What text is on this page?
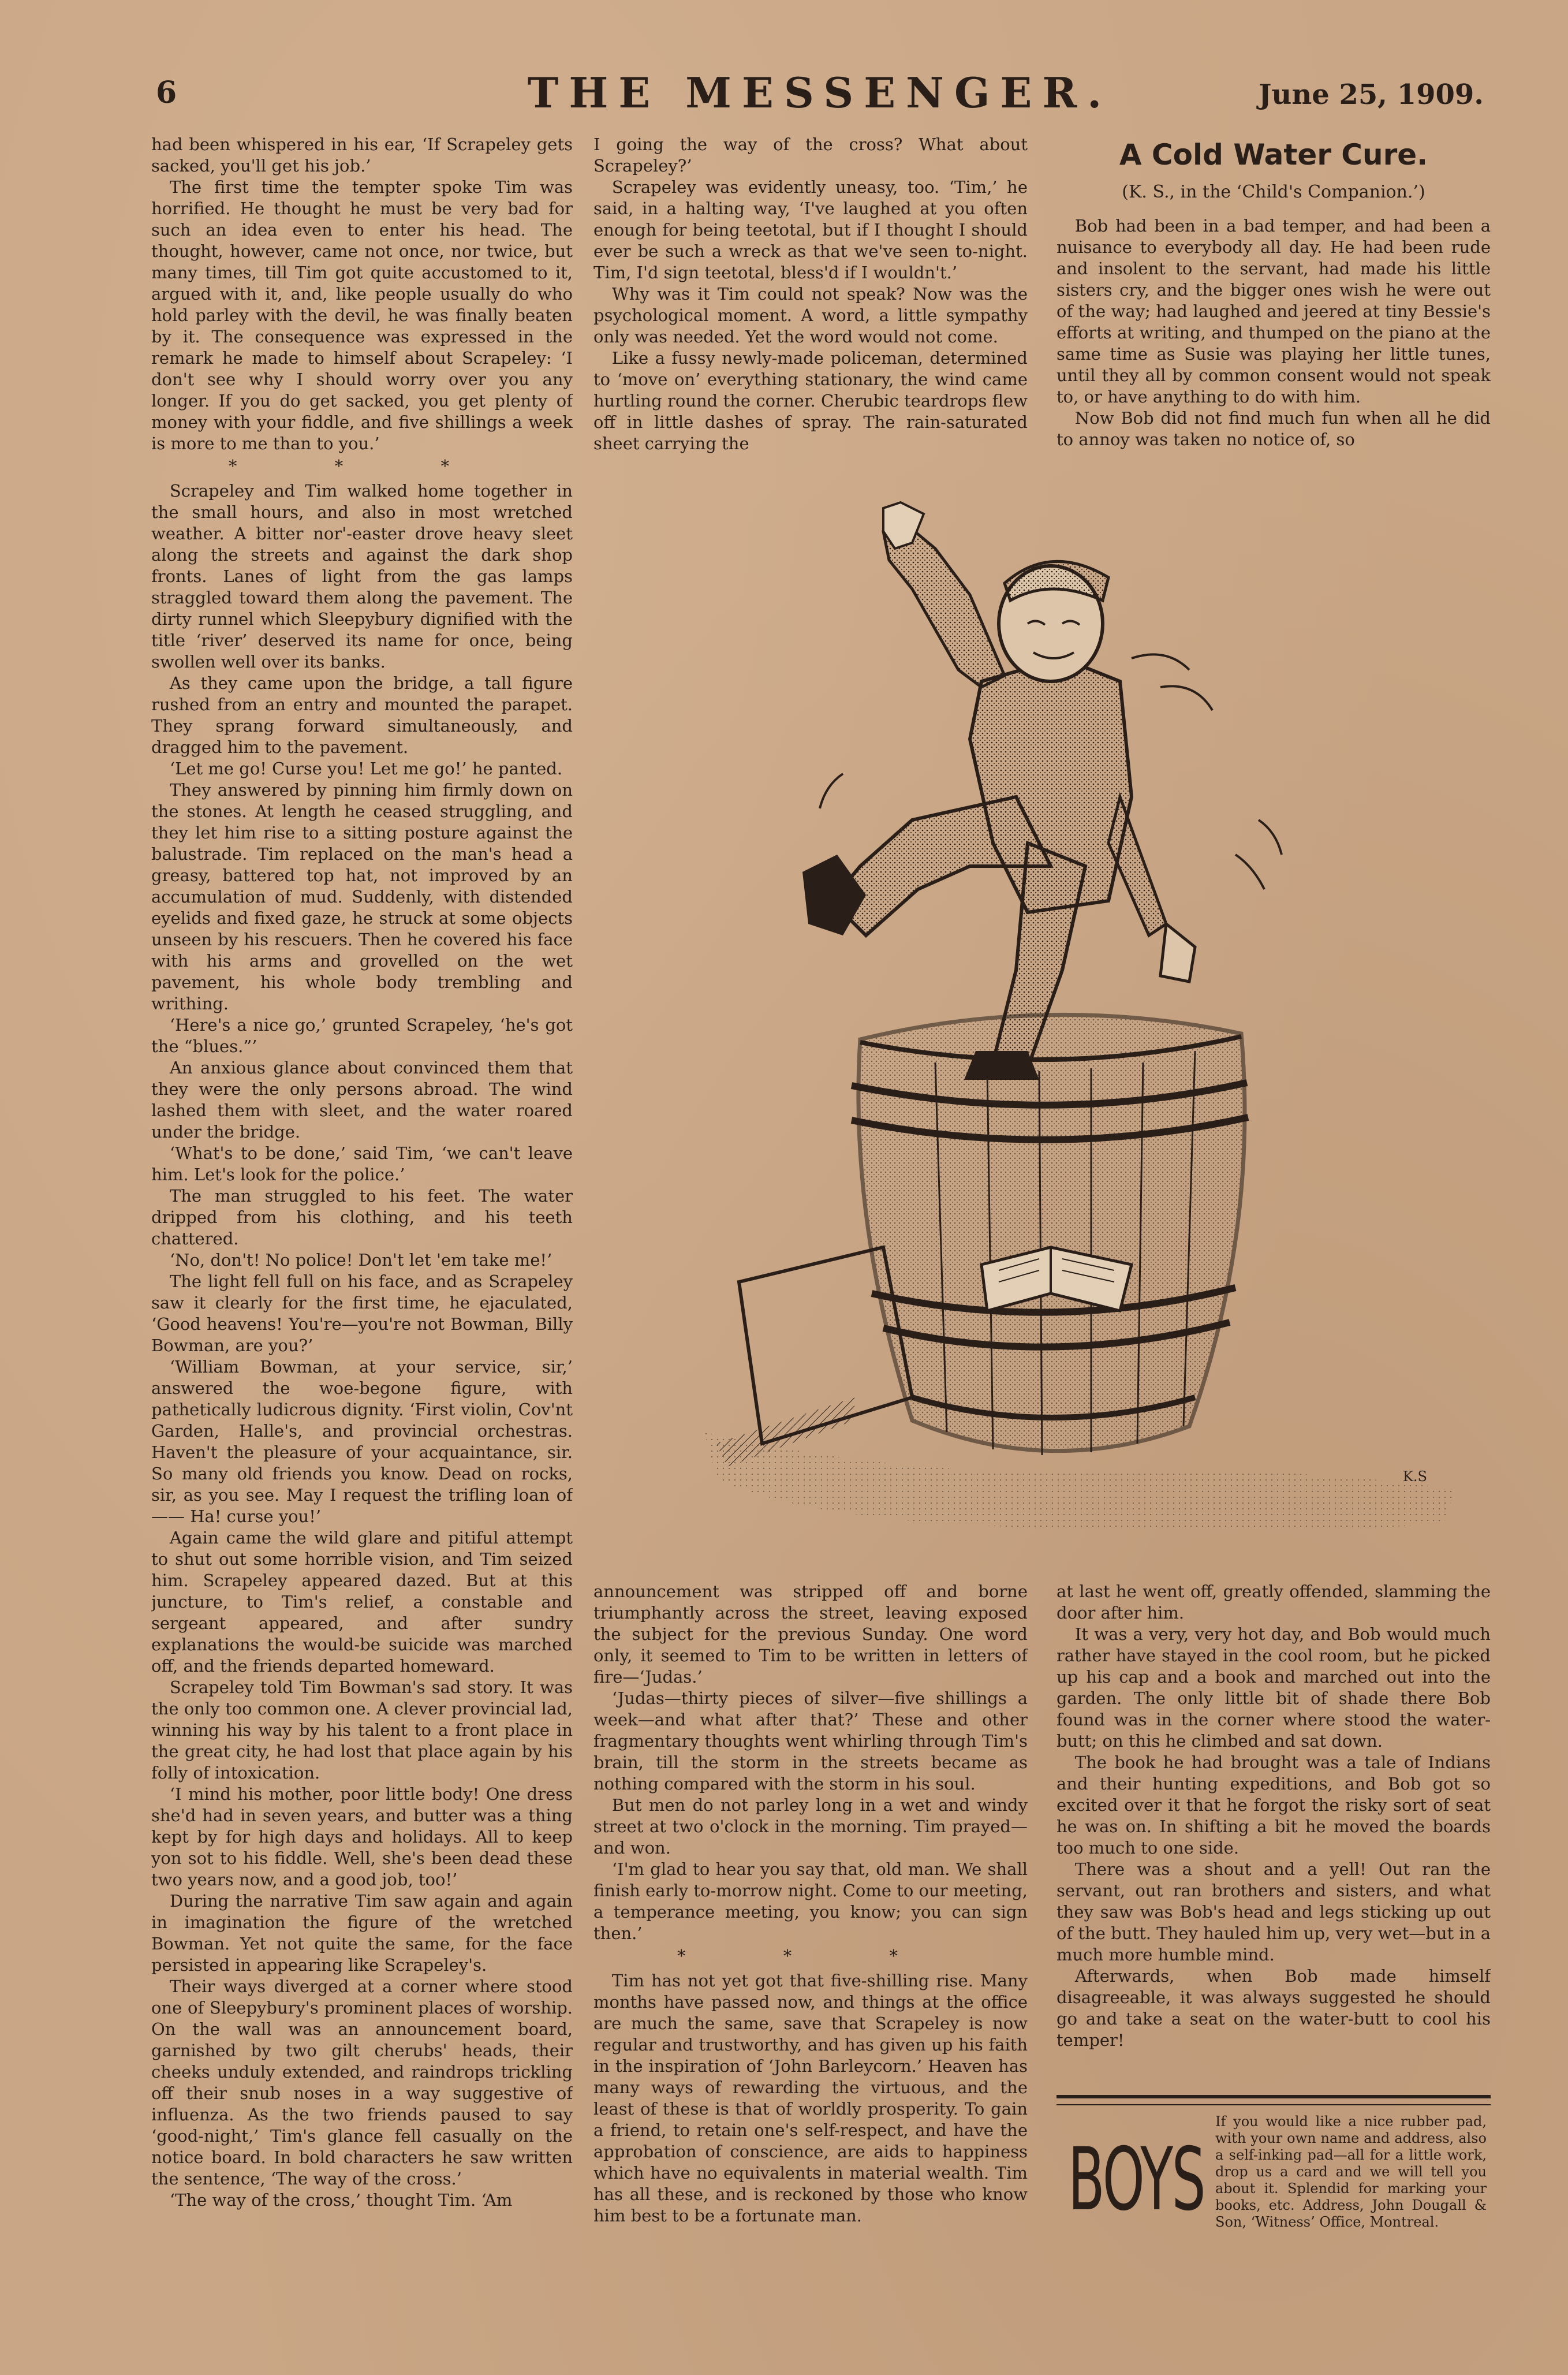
6	THE MESSENGER.	June 25, 1909.

had been whispered in his ear, ‘If Scrapeley gets sacked, you'll get his job.’

The first time the tempter spoke Tim was horrified. He thought he must be very bad for such an idea even to enter his head. The thought, however, came not once, nor twice, but many times, till Tim got quite accustomed to it, argued with it, and, like people usually do who hold parley with the devil, he was finally beaten by it. The consequence was expressed in the remark he made to himself about Scrapeley: ‘I don't see why I should worry over you any longer. If you do get sacked, you get plenty of money with your fiddle, and five shillings a week is more to me than to you.’

* * *

Scrapeley and Tim walked home together in the small hours, and also in most wretched weather. A bitter nor'-easter drove heavy sleet along the streets and against the dark shop fronts. Lanes of light from the gas lamps straggled toward them along the pavement. The dirty runnel which Sleepybury dignified with the title ‘river’ deserved its name for once, being swollen well over its banks.

As they came upon the bridge, a tall figure rushed from an entry and mounted the parapet. They sprang forward simultaneously, and dragged him to the pavement.

‘Let me go! Curse you! Let me go!’ he panted.

They answered by pinning him firmly down on the stones. At length he ceased struggling, and they let him rise to a sitting posture against the balustrade. Tim replaced on the man's head a greasy, battered top hat, not improved by an accumulation of mud. Suddenly, with distended eyelids and fixed gaze, he struck at some objects unseen by his rescuers. Then he covered his face with his arms and grovelled on the wet pavement, his whole body trembling and writhing.

‘Here's a nice go,’ grunted Scrapeley, ‘he's got the “blues.”’

An anxious glance about convinced them that they were the only persons abroad. The wind lashed them with sleet, and the water roared under the bridge.

‘What's to be done,’ said Tim, ‘we can't leave him. Let's look for the police.’

The man struggled to his feet. The water dripped from his clothing, and his teeth chattered.

‘No, don't! No police! Don't let 'em take me!’

The light fell full on his face, and as Scrapeley saw it clearly for the first time, he ejaculated, ‘Good heavens! You're—you're not Bowman, Billy Bowman, are you?’

‘William Bowman, at your service, sir,’ answered the woe-begone figure, with pathetically ludicrous dignity. ‘First violin, Cov'nt Garden, Halle's, and provincial orchestras. Haven't the pleasure of your acquaintance, sir. So many old friends you know. Dead on rocks, sir, as you see. May I request the trifling loan of—— Ha! curse you!’

Again came the wild glare and pitiful attempt to shut out some horrible vision, and Tim seized him. Scrapeley appeared dazed. But at this juncture, to Tim's relief, a constable and sergeant appeared, and after sundry explanations the would-be suicide was marched off, and the friends departed homeward.

Scrapeley told Tim Bowman's sad story. It was the only too common one. A clever provincial lad, winning his way by his talent to a front place in the great city, he had lost that place again by his folly of intoxication.

‘I mind his mother, poor little body! One dress she'd had in seven years, and butter was a thing kept by for high days and holidays. All to keep yon sot to his fiddle. Well, she's been dead these two years now, and a good job, too!’

During the narrative Tim saw again and again in imagination the figure of the wretched Bowman. Yet not quite the same, for the face persisted in appearing like Scrapeley's.

Their ways diverged at a corner where stood one of Sleepybury's prominent places of worship. On the wall was an announcement board, garnished by two gilt cherubs' heads, their cheeks unduly extended, and raindrops trickling off their snub noses in a way suggestive of influenza. As the two friends paused to say ‘good-night,’ Tim's glance fell casually on the notice board. In bold characters he saw written the sentence, ‘The way of the cross.’

‘The way of the cross,’ thought Tim. ‘Am

I going the way of the cross? What about Scrapeley?’

Scrapeley was evidently uneasy, too. ‘Tim,’ he said, in a halting way, ‘I've laughed at you often enough for being teetotal, but if I thought I should ever be such a wreck as that we've seen to-night. Tim, I'd sign teetotal, bless'd if I wouldn't.’

Why was it Tim could not speak? Now was the psychological moment. A word, a little sympathy only was needed. Yet the word would not come.

Like a fussy newly-made policeman, determined to ‘move on’ everything stationary, the wind came hurtling round the corner. Cherubic teardrops flew off in little dashes of spray. The rain-saturated sheet carrying the

A Cold Water Cure.
(K. S., in the ‘Child's Companion.’)

Bob had been in a bad temper, and had been a nuisance to everybody all day. He had been rude and insolent to the servant, had made his little sisters cry, and the bigger ones wish he were out of the way; had laughed and jeered at tiny Bessie's efforts at writing, and thumped on the piano at the same time as Susie was playing her little tunes, until they all by common consent would not speak to, or have anything to do with him.

Now Bob did not find much fun when all he did to annoy was taken no notice of, so

K.S

announcement was stripped off and borne triumphantly across the street, leaving exposed the subject for the previous Sunday. One word only, it seemed to Tim to be written in letters of fire—‘Judas.’

‘Judas—thirty pieces of silver—five shillings a week—and what after that?’ These and other fragmentary thoughts went whirling through Tim's brain, till the storm in the streets became as nothing compared with the storm in his soul.

But men do not parley long in a wet and windy street at two o'clock in the morning. Tim prayed—and won.

‘I'm glad to hear you say that, old man. We shall finish early to-morrow night. Come to our meeting, a temperance meeting, you know; you can sign then.’

* * *

Tim has not yet got that five-shilling rise. Many months have passed now, and things at the office are much the same, save that Scrapeley is now regular and trustworthy, and has given up his faith in the inspiration of ‘John Barleycorn.’ Heaven has many ways of rewarding the virtuous, and the least of these is that of worldly prosperity. To gain a friend, to retain one's self-respect, and have the approbation of conscience, are aids to happiness which have no equivalents in material wealth. Tim has all these, and is reckoned by those who know him best to be a fortunate man.

at last he went off, greatly offended, slamming the door after him.

It was a very, very hot day, and Bob would much rather have stayed in the cool room, but he picked up his cap and a book and marched out into the garden. The only little bit of shade there Bob found was in the corner where stood the water-butt; on this he climbed and sat down.

The book he had brought was a tale of Indians and their hunting expeditions, and Bob got so excited over it that he forgot the risky sort of seat he was on. In shifting a bit he moved the boards too much to one side.

There was a shout and a yell! Out ran the servant, out ran brothers and sisters, and what they saw was Bob's head and legs sticking up out of the butt. They hauled him up, very wet—but in a much more humble mind.

Afterwards, when Bob made himself disagreeable, it was always suggested he should go and take a seat on the water-butt to cool his temper!

BOYS
If you would like a nice rubber pad, with your own name and address, also a self-inking pad—all for a little work, drop us a card and we will tell you about it. Splendid for marking your books, etc. Address, John Dougall & Son, ‘Witness’ Office, Montreal.
